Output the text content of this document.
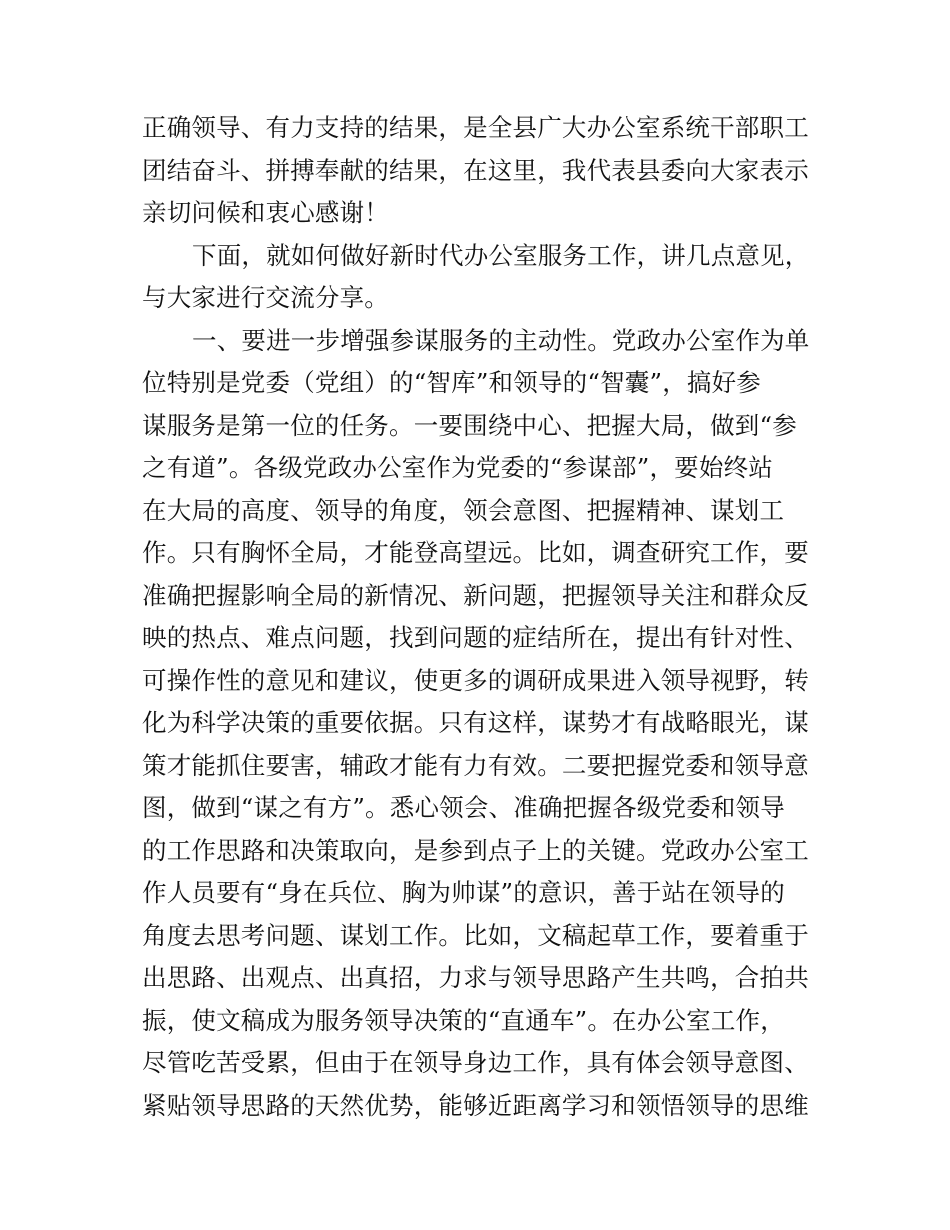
正确领导、有力支持的结果，是全县广大办公室系统干部职工
团结奋斗、拼搏奉献的结果，在这里，我代表县委向大家表示
亲切问候和衷心感谢！
下面，就如何做好新时代办公室服务工作，讲几点意见，
与大家进行交流分享。
一、要进一步增强参谋服务的主动性。党政办公室作为单
位特别是党委（党组）的“智库”和领导的“智囊”，搞好参
谋服务是第一位的任务。一要围绕中心、把握大局，做到“参
之有道”。各级党政办公室作为党委的“参谋部”，要始终站
在大局的高度、领导的角度，领会意图、把握精神、谋划工
作。只有胸怀全局，才能登高望远。比如，调查研究工作，要
准确把握影响全局的新情况、新问题，把握领导关注和群众反
映的热点、难点问题，找到问题的症结所在，提出有针对性、
可操作性的意见和建议，使更多的调研成果进入领导视野，转
化为科学决策的重要依据。只有这样，谋势才有战略眼光，谋
策才能抓住要害，辅政才能有力有效。二要把握党委和领导意
图，做到“谋之有方”。悉心领会、准确把握各级党委和领导
的工作思路和决策取向，是参到点子上的关键。党政办公室工
作人员要有“身在兵位、胸为帅谋”的意识，善于站在领导的
角度去思考问题、谋划工作。比如，文稿起草工作，要着重于
出思路、出观点、出真招，力求与领导思路产生共鸣，合拍共
振，使文稿成为服务领导决策的“直通车”。在办公室工作，
尽管吃苦受累，但由于在领导身边工作，具有体会领导意图、
紧贴领导思路的天然优势，能够近距离学习和领悟领导的思维
